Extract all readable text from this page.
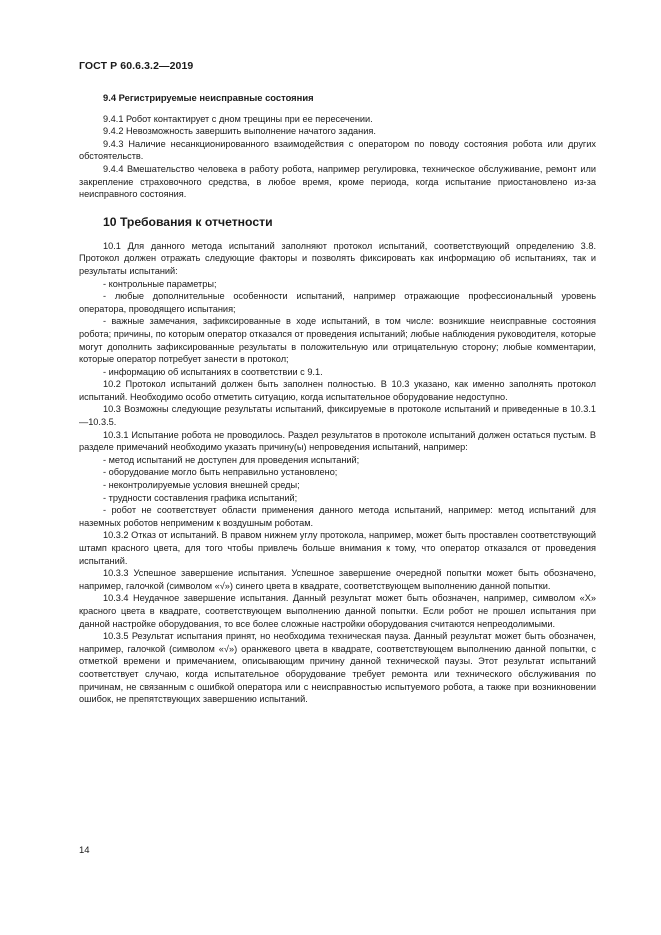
ГОСТ Р 60.6.3.2—2019

9.4 Регистрируемые неисправные состояния

9.4.1 Робот контактирует с дном трещины при ее пересечении.

9.4.2 Невозможность завершить выполнение начатого задания.

9.4.3 Наличие несанкционированного взаимодействия с оператором по поводу состояния робота или других обстоятельств.

9.4.4 Вмешательство человека в работу робота, например регулировка, техническое обслуживание, ремонт или закрепление страховочного средства, в любое время, кроме периода, когда испытание приостановлено из-за неисправного состояния.

10 Требования к отчетности

10.1 Для данного метода испытаний заполняют протокол испытаний, соответствующий определению 3.8. Протокол должен отражать следующие факторы и позволять фиксировать как информацию об испытаниях, так и результаты испытаний:

- контрольные параметры;

- любые дополнительные особенности испытаний, например отражающие профессиональный уровень оператора, проводящего испытания;

- важные замечания, зафиксированные в ходе испытаний, в том числе: возникшие неисправные состояния робота; причины, по которым оператор отказался от проведения испытаний; любые наблюдения руководителя, которые могут дополнить зафиксированные результаты в положительную или отрицательную сторону; любые комментарии, которые оператор потребует занести в протокол;

- информацию об испытаниях в соответствии с 9.1.

10.2 Протокол испытаний должен быть заполнен полностью. В 10.3 указано, как именно заполнять протокол испытаний. Необходимо особо отметить ситуацию, когда испытательное оборудование недоступно.

10.3 Возможны следующие результаты испытаний, фиксируемые в протоколе испытаний и приведенные в 10.3.1—10.3.5.

10.3.1 Испытание робота не проводилось. Раздел результатов в протоколе испытаний должен остаться пустым. В разделе примечаний необходимо указать причину(ы) непроведения испытаний, например:

- метод испытаний не доступен для проведения испытаний;

- оборудование могло быть неправильно установлено;

- неконтролируемые условия внешней среды;

- трудности составления графика испытаний;

- робот не соответствует области применения данного метода испытаний, например: метод испытаний для наземных роботов неприменим к воздушным роботам.

10.3.2 Отказ от испытаний. В правом нижнем углу протокола, например, может быть проставлен соответствующий штамп красного цвета, для того чтобы привлечь больше внимания к тому, что оператор отказался от проведения испытаний.

10.3.3 Успешное завершение испытания. Успешное завершение очередной попытки может быть обозначено, например, галочкой (символом «√») синего цвета в квадрате, соответствующем выполнению данной попытки.

10.3.4 Неудачное завершение испытания. Данный результат может быть обозначен, например, символом «X» красного цвета в квадрате, соответствующем выполнению данной попытки. Если робот не прошел испытания при данной настройке оборудования, то все более сложные настройки оборудования считаются непреодолимыми.

10.3.5 Результат испытания принят, но необходима техническая пауза. Данный результат может быть обозначен, например, галочкой (символом «√») оранжевого цвета в квадрате, соответствующем выполнению данной попытки, с отметкой времени и примечанием, описывающим причину данной технической паузы. Этот результат испытаний соответствует случаю, когда испытательное оборудование требует ремонта или технического обслуживания по причинам, не связанным с ошибкой оператора или с неисправностью испытуемого робота, а также при возникновении ошибок, не препятствующих завершению испытаний.

14
